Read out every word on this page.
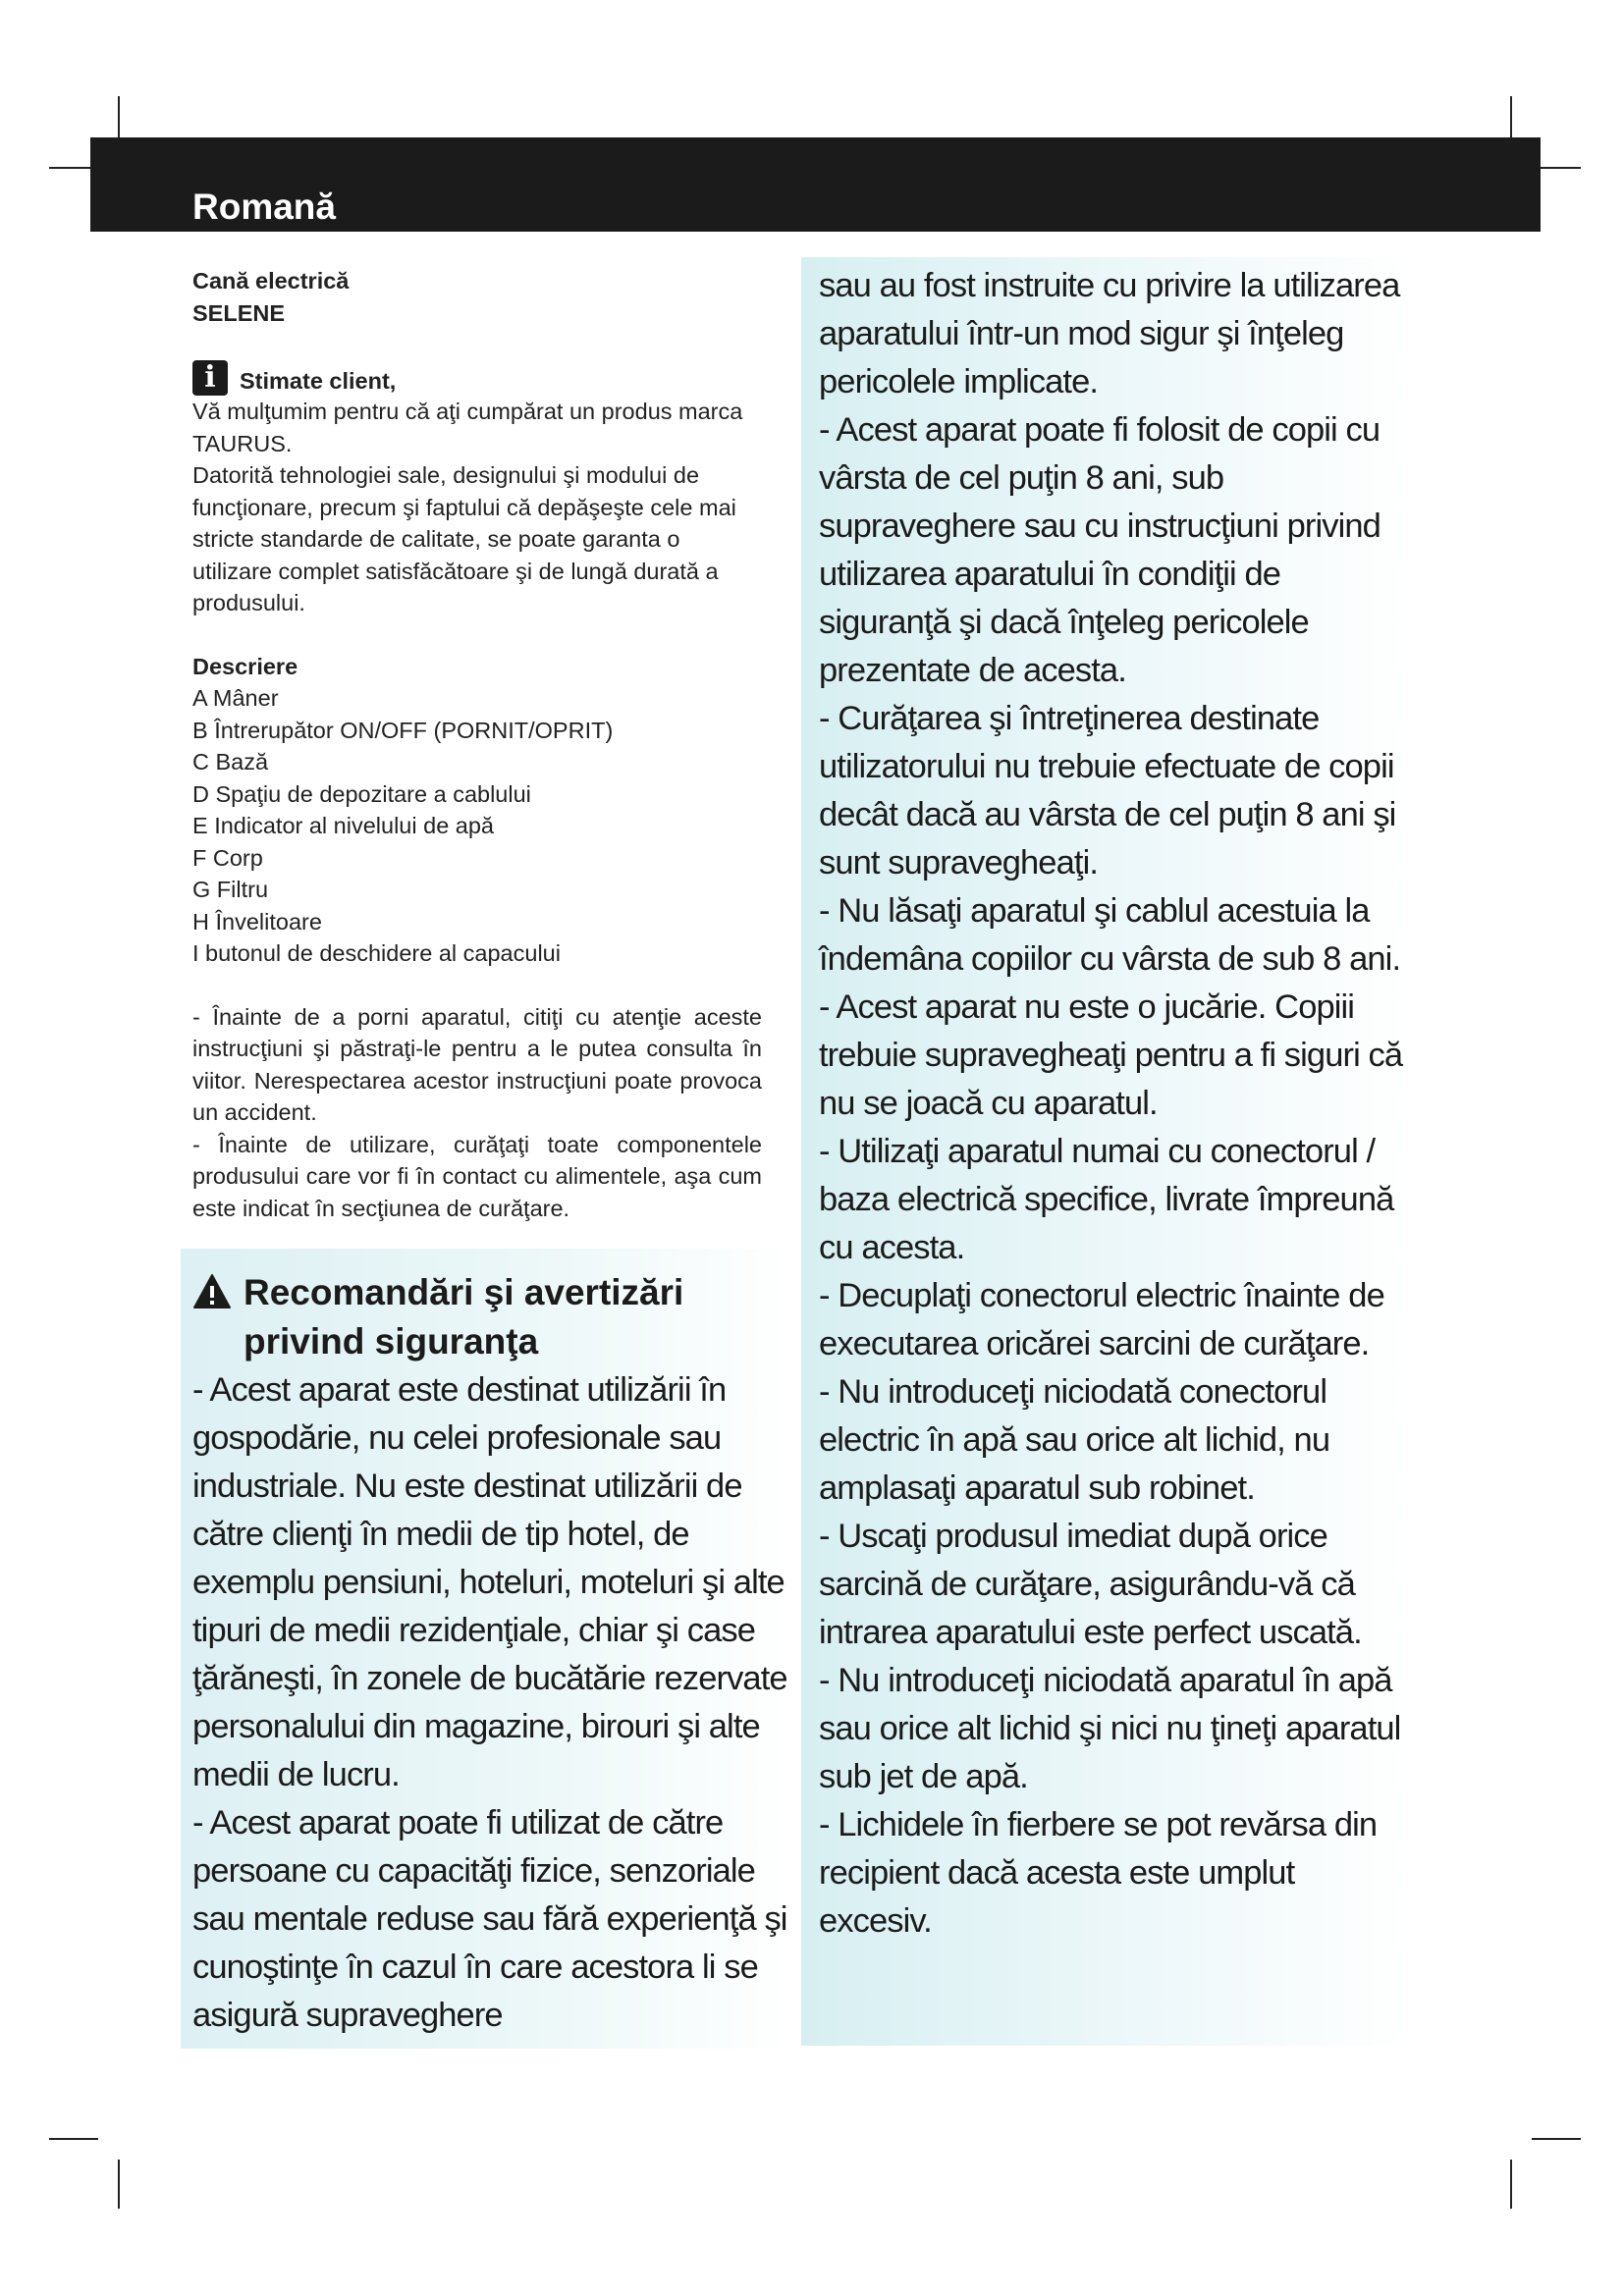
Romană
Cană electrică
SELENE
i	Stimate client,

Vă mulţumim pentru că aţi cumpărat un produs marca TAURUS.

Datorită tehnologiei sale, designului şi modului de funcţionare, precum şi faptului că depăşeşte cele mai stricte standarde de calitate, se poate garanta o utilizare complet satisfăcătoare şi de lungă durată a produsului.

Descriere
A Mâner
B Întrerupător ON/OFF (PORNIT/OPRIT)
C Bază
D Spaţiu de depozitare a cablului
E Indicator al nivelului de apă
F Corp
G Filtru
H Învelitoare
I butonul de deschidere al capacului

- Înainte de a porni aparatul, citiţi cu atenţie aceste instrucţiuni şi păstraţi-le pentru a le putea consulta în viitor. Nerespectarea acestor instrucţiuni poate provoca un accident.

- Înainte de utilizare, curăţaţi toate componentele produsului care vor fi în contact cu alimentele, aşa cum este indicat în secţiunea de curăţare.

Recomandări şi avertizări privind siguranţa

- Acest aparat este destinat utilizării în gospodărie, nu celei profesionale sau industriale. Nu este destinat utilizării de către clienţi în medii de tip hotel, de exemplu pensiuni, hoteluri, moteluri şi alte tipuri de medii rezidenţiale, chiar şi case ţărăneşti, în zonele de bucătărie rezervate personalului din magazine, birouri şi alte medii de lucru.

- Acest aparat poate fi utilizat de către persoane cu capacităţi fizice, senzoriale sau mentale reduse sau fără experienţă şi cunoştinţe în cazul în care acestora li se asigură supraveghere

sau au fost instruite cu privire la utilizarea aparatului într-un mod sigur şi înţeleg pericolele implicate.

- Acest aparat poate fi folosit de copii cu vârsta de cel puţin 8 ani, sub supraveghere sau cu instrucţiuni privind utilizarea aparatului în condiţii de siguranţă şi dacă înţeleg pericolele prezentate de acesta.

- Curăţarea şi întreţinerea destinate utilizatorului nu trebuie efectuate de copii decât dacă au vârsta de cel puţin 8 ani şi sunt supravegheaţi.

- Nu lăsaţi aparatul şi cablul acestuia la îndemâna copiilor cu vârsta de sub 8 ani.

- Acest aparat nu este o jucărie. Copiii trebuie supravegheaţi pentru a fi siguri că nu se joacă cu aparatul.

- Utilizaţi aparatul numai cu conectorul / baza electrică specifice, livrate împreună cu acesta.

- Decuplaţi conectorul electric înainte de executarea oricărei sarcini de curăţare.

- Nu introduceţi niciodată conectorul electric în apă sau orice alt lichid, nu amplasaţi aparatul sub robinet.

- Uscaţi produsul imediat după orice sarcină de curăţare, asigurându-vă că intrarea aparatului este perfect uscată.

- Nu introduceţi niciodată aparatul în apă sau orice alt lichid şi nici nu ţineţi aparatul sub jet de apă.

- Lichidele în fierbere se pot revărsa din recipient dacă acesta este umplut excesiv.
